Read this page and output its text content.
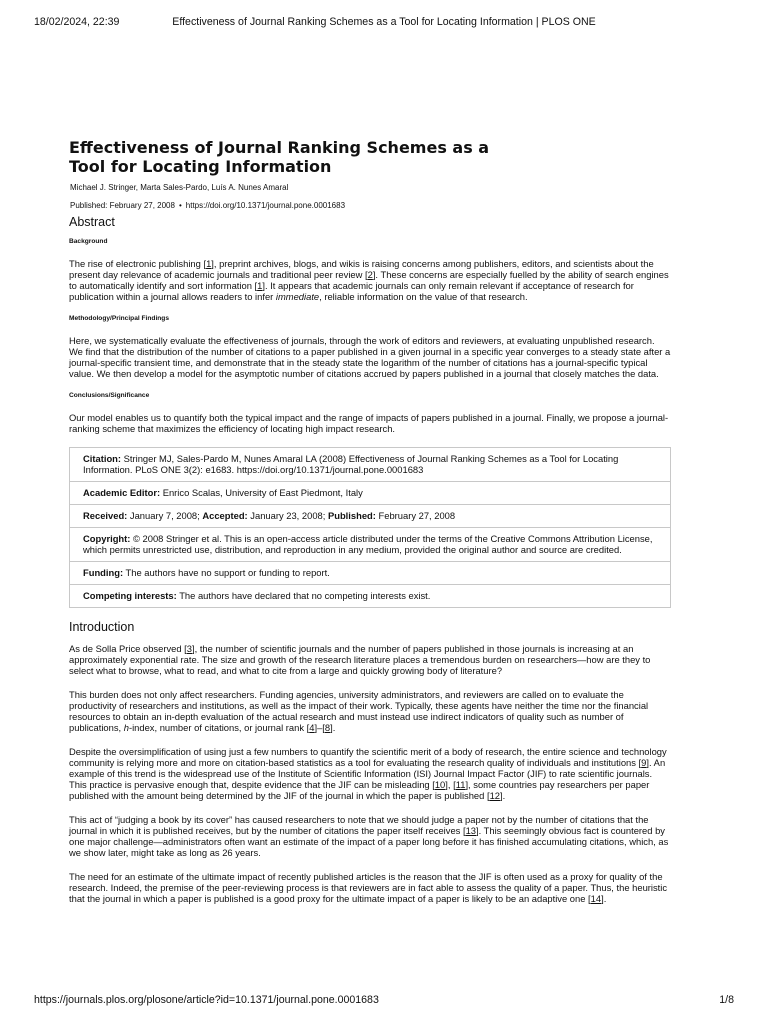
18/02/2024, 22:39	Effectiveness of Journal Ranking Schemes as a Tool for Locating Information | PLOS ONE
Effectiveness of Journal Ranking Schemes as a Tool for Locating Information
Michael J. Stringer, Marta Sales-Pardo, Luís A. Nunes Amaral
Published: February 27, 2008 • https://doi.org/10.1371/journal.pone.0001683
Abstract
Background

The rise of electronic publishing [1], preprint archives, blogs, and wikis is raising concerns among publishers, editors, and scientists about the present day relevance of academic journals and traditional peer review [2]. These concerns are especially fuelled by the ability of search engines to automatically identify and sort information [1]. It appears that academic journals can only remain relevant if acceptance of research for publication within a journal allows readers to infer immediate, reliable information on the value of that research.

Methodology/Principal Findings

Here, we systematically evaluate the effectiveness of journals, through the work of editors and reviewers, at evaluating unpublished research. We find that the distribution of the number of citations to a paper published in a given journal in a specific year converges to a steady state after a journal-specific transient time, and demonstrate that in the steady state the logarithm of the number of citations has a journal-specific typical value. We then develop a model for the asymptotic number of citations accrued by papers published in a journal that closely matches the data.

Conclusions/Significance

Our model enables us to quantify both the typical impact and the range of impacts of papers published in a journal. Finally, we propose a journal-ranking scheme that maximizes the efficiency of locating high impact research.

Citation: Stringer MJ, Sales-Pardo M, Nunes Amaral LA (2008) Effectiveness of Journal Ranking Schemes as a Tool for Locating Information. PLoS ONE 3(2): e1683. https://doi.org/10.1371/journal.pone.0001683
Academic Editor: Enrico Scalas, University of East Piedmont, Italy
Received: January 7, 2008; Accepted: January 23, 2008; Published: February 27, 2008
Copyright: © 2008 Stringer et al. This is an open-access article distributed under the terms of the Creative Commons Attribution License, which permits unrestricted use, distribution, and reproduction in any medium, provided the original author and source are credited.
Funding: The authors have no support or funding to report.
Competing interests: The authors have declared that no competing interests exist.
Introduction

As de Solla Price observed [3], the number of scientific journals and the number of papers published in those journals is increasing at an approximately exponential rate. The size and growth of the research literature places a tremendous burden on researchers—how are they to select what to browse, what to read, and what to cite from a large and quickly growing body of literature?

This burden does not only affect researchers. Funding agencies, university administrators, and reviewers are called on to evaluate the productivity of researchers and institutions, as well as the impact of their work. Typically, these agents have neither the time nor the financial resources to obtain an in-depth evaluation of the actual research and must instead use indirect indicators of quality such as number of publications, h-index, number of citations, or journal rank [4]–[8].

Despite the oversimplification of using just a few numbers to quantify the scientific merit of a body of research, the entire science and technology community is relying more and more on citation-based statistics as a tool for evaluating the research quality of individuals and institutions [9]. An example of this trend is the widespread use of the Institute of Scientific Information (ISI) Journal Impact Factor (JIF) to rate scientific journals. This practice is pervasive enough that, despite evidence that the JIF can be misleading [10], [11], some countries pay researchers per paper published with the amount being determined by the JIF of the journal in which the paper is published [12].

This act of “judging a book by its cover” has caused researchers to note that we should judge a paper not by the number of citations that the journal in which it is published receives, but by the number of citations the paper itself receives [13]. This seemingly obvious fact is countered by one major challenge—administrators often want an estimate of the impact of a paper long before it has finished accumulating citations, which, as we show later, might take as long as 26 years.

The need for an estimate of the ultimate impact of recently published articles is the reason that the JIF is often used as a proxy for quality of the research. Indeed, the premise of the peer-reviewing process is that reviewers are in fact able to assess the quality of a paper. Thus, the heuristic that the journal in which a paper is published is a good proxy for the ultimate impact of a paper is likely to be an adaptive one [14].

https://journals.plos.org/plosone/article?id=10.1371/journal.pone.0001683	1/8
